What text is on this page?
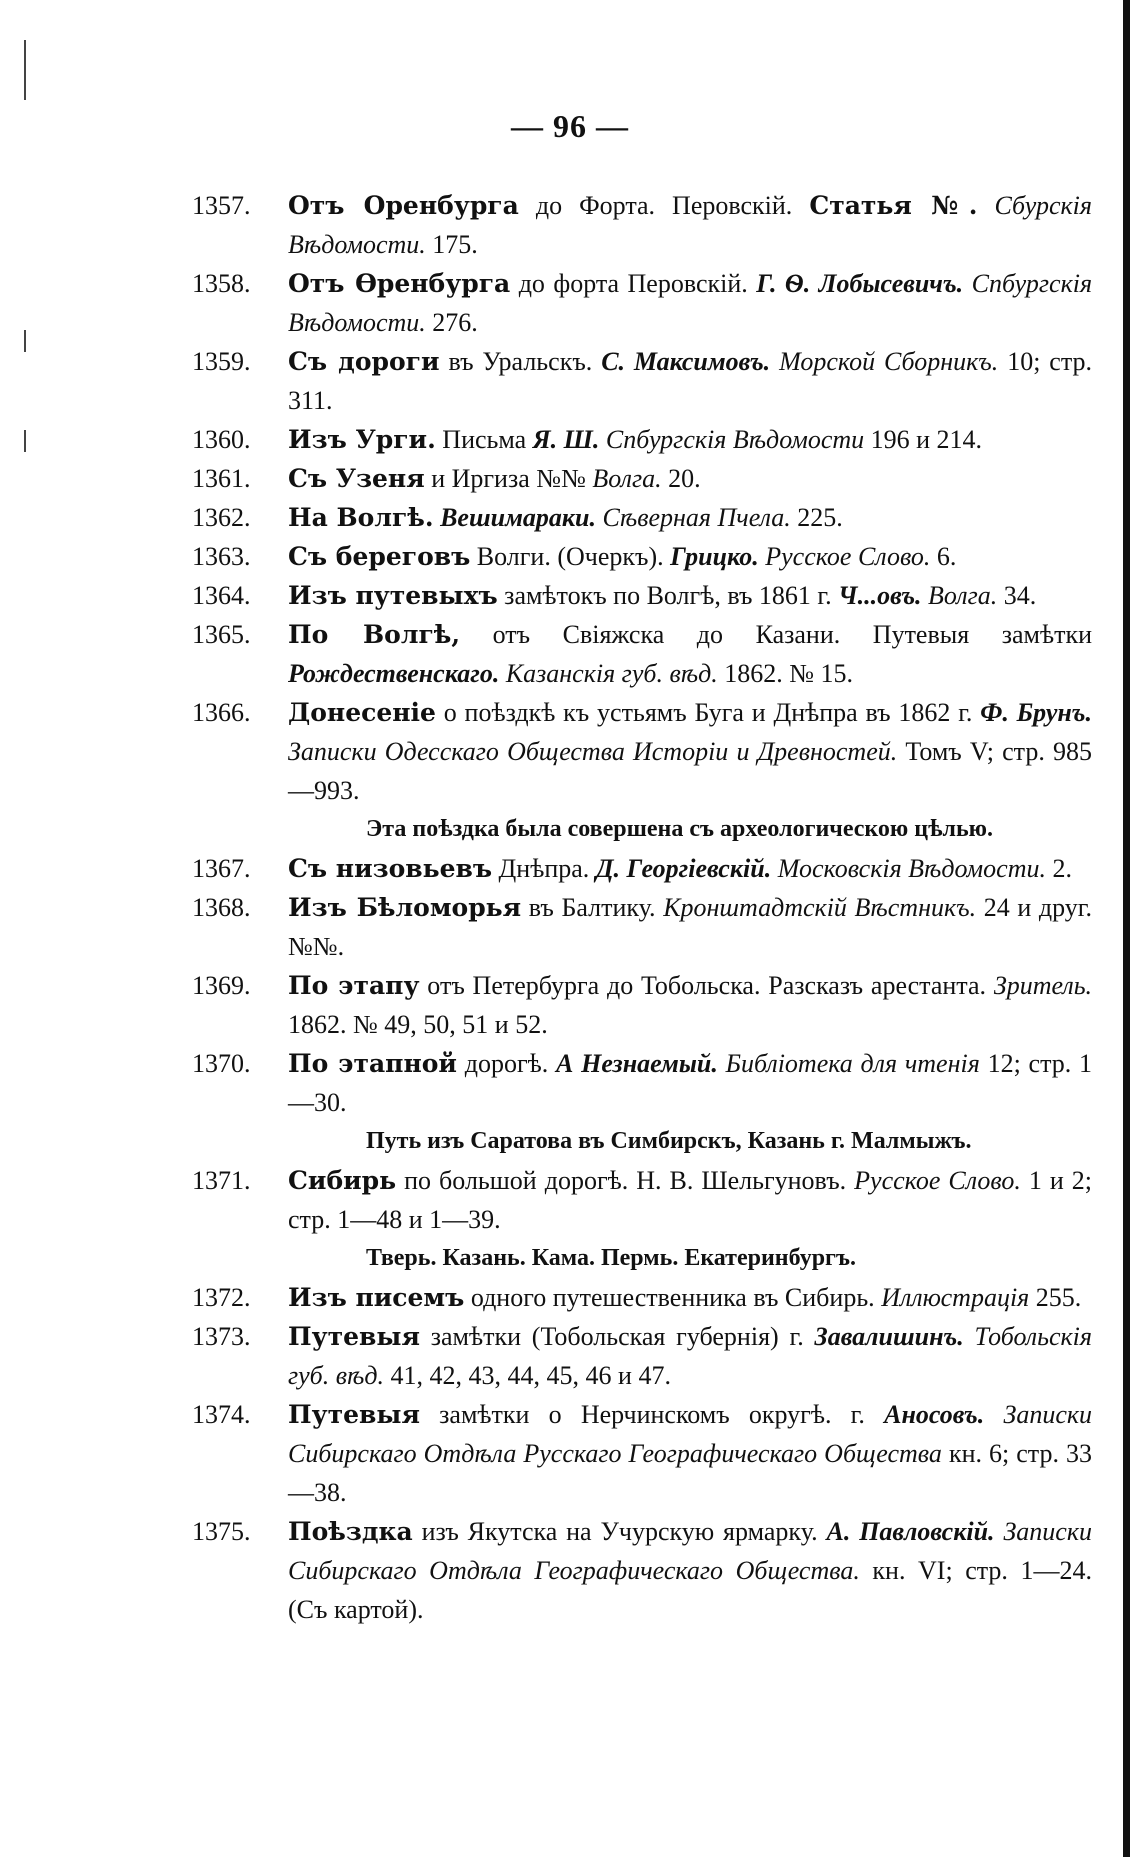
— 96 —
1357.	Отъ Оренбурга до Форта. Перовскій. Статья №. Сбурскія Вѣдомости. 175.
1358.	Отъ Ѳренбурга до форта Перовскій. Г. Ѳ. Лобысевичъ. Спбургскія Вѣдомости. 276.
1359.	Съ дороги въ Уральскъ. С. Максимовъ. Морской Сборникъ. 10; стр. 311.
1360.	Изъ Урги. Письма Я. Ш. Спбургскія Вѣдомости 196 и 214.
1361.	Съ Узеня и Иргиза №№ Волга. 20.
1362.	На Волгѣ. Вешимараки. Сѣверная Пчела. 225.
1363.	Съ береговъ Волги. (Очеркъ). Грицко. Русское Слово. 6.
1364.	Изъ путевыхъ замѣтокъ по Волгѣ, въ 1861 г. Ч...овъ. Волга. 34.
1365.	По Волгѣ, отъ Свіяжска до Казани. Путевыя замѣтки Рождественскаго. Казанскія губ. вѣд. 1862. № 15.
1366.	Донесеніе о поѣздкѣ къ устьямъ Буга и Днѣпра въ 1862 г. Ф. Брунъ. Записки Одесскаго Общества Исторіи и Древностей. Томъ V; стр. 985—993.
Эта поѣздка была совершена съ археологическою цѣлью.
1367.	Съ низовьевъ Днѣпра. Д. Георгіевскій. Московскія Вѣдомости. 2.
1368.	Изъ Бѣломорья въ Балтику. Кронштадтскій Вѣстникъ. 24 и друг. №№.
1369.	По этапу отъ Петербурга до Тобольска. Разсказъ арестанта. Зритель. 1862. № 49, 50, 51 и 52.
1370.	По этапной дорогѣ. А Незнаемый. Библіотека для чтенія 12; стр. 1—30.
Путь изъ Саратова въ Симбирскъ, Казань г. Малмыжъ.
1371.	Сибирь по большой дорогѣ. Н. В. Шельгуновъ. Русское Слово. 1 и 2; стр. 1—48 и 1—39.
Тверь. Казань. Кама. Пермь. Екатеринбургъ.
1372.	Изъ писемъ одного путешественника въ Сибирь. Иллюстрація 255.
1373.	Путевыя замѣтки (Тобольская губернія) г. Завалишинъ. Тобольскія губ. вѣд. 41, 42, 43, 44, 45, 46 и 47.
1374.	Путевыя замѣтки о Нерчинскомъ округѣ. г. Аносовъ. Записки Сибирскаго Отдѣла Русскаго Географическаго Общества кн. 6; стр. 33—38.
1375.	Поѣздка изъ Якутска на Учурскую ярмарку. А. Павловскій. Записки Сибирскаго Отдѣла Географическаго Общества. кн. VI; стр. 1—24. (Съ картой).
